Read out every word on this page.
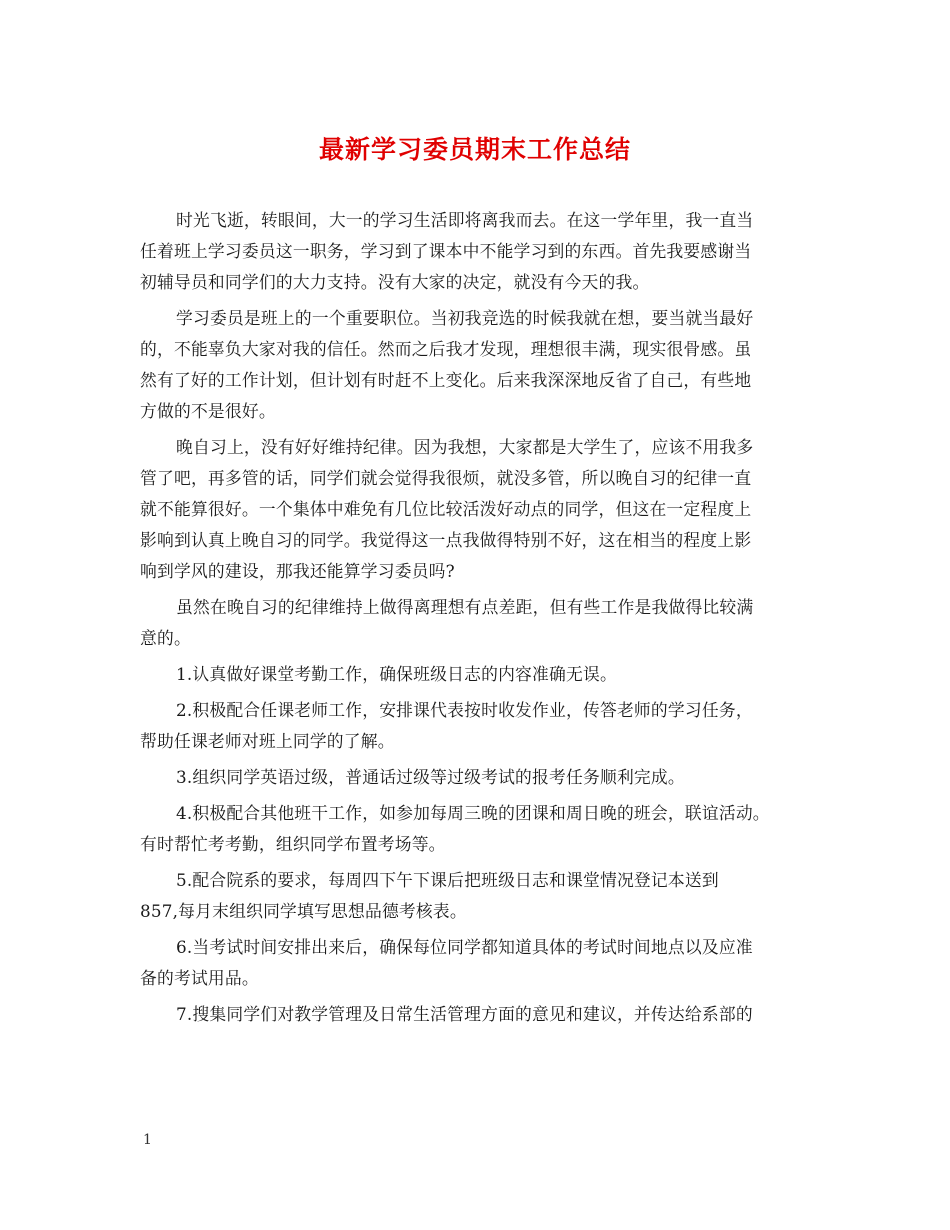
最新学习委员期末工作总结
时光飞逝，转眼间，大一的学习生活即将离我而去。在这一学年里，我一直当
任着班上学习委员这一职务，学习到了课本中不能学习到的东西。首先我要感谢当
初辅导员和同学们的大力支持。没有大家的决定，就没有今天的我。
学习委员是班上的一个重要职位。当初我竞选的时候我就在想，要当就当最好
的，不能辜负大家对我的信任。然而之后我才发现，理想很丰满，现实很骨感。虽
然有了好的工作计划，但计划有时赶不上变化。后来我深深地反省了自己，有些地
方做的不是很好。
晚自习上，没有好好维持纪律。因为我想，大家都是大学生了，应该不用我多
管了吧，再多管的话，同学们就会觉得我很烦，就没多管，所以晚自习的纪律一直
就不能算很好。一个集体中难免有几位比较活泼好动点的同学，但这在一定程度上
影响到认真上晚自习的同学。我觉得这一点我做得特别不好，这在相当的程度上影
响到学风的建设，那我还能算学习委员吗?
虽然在晚自习的纪律维持上做得离理想有点差距，但有些工作是我做得比较满
意的。
1.认真做好课堂考勤工作，确保班级日志的内容准确无误。
2.积极配合任课老师工作，安排课代表按时收发作业，传答老师的学习任务，
帮助任课老师对班上同学的了解。
3.组织同学英语过级，普通话过级等过级考试的报考任务顺利完成。
4.积极配合其他班干工作，如参加每周三晚的团课和周日晚的班会，联谊活动。
有时帮忙考考勤，组织同学布置考场等。
5.配合院系的要求，每周四下午下课后把班级日志和课堂情况登记本送到
857,每月末组织同学填写思想品德考核表。
6.当考试时间安排出来后，确保每位同学都知道具体的考试时间地点以及应准
备的考试用品。
7.搜集同学们对教学管理及日常生活管理方面的意见和建议，并传达给系部的
1
